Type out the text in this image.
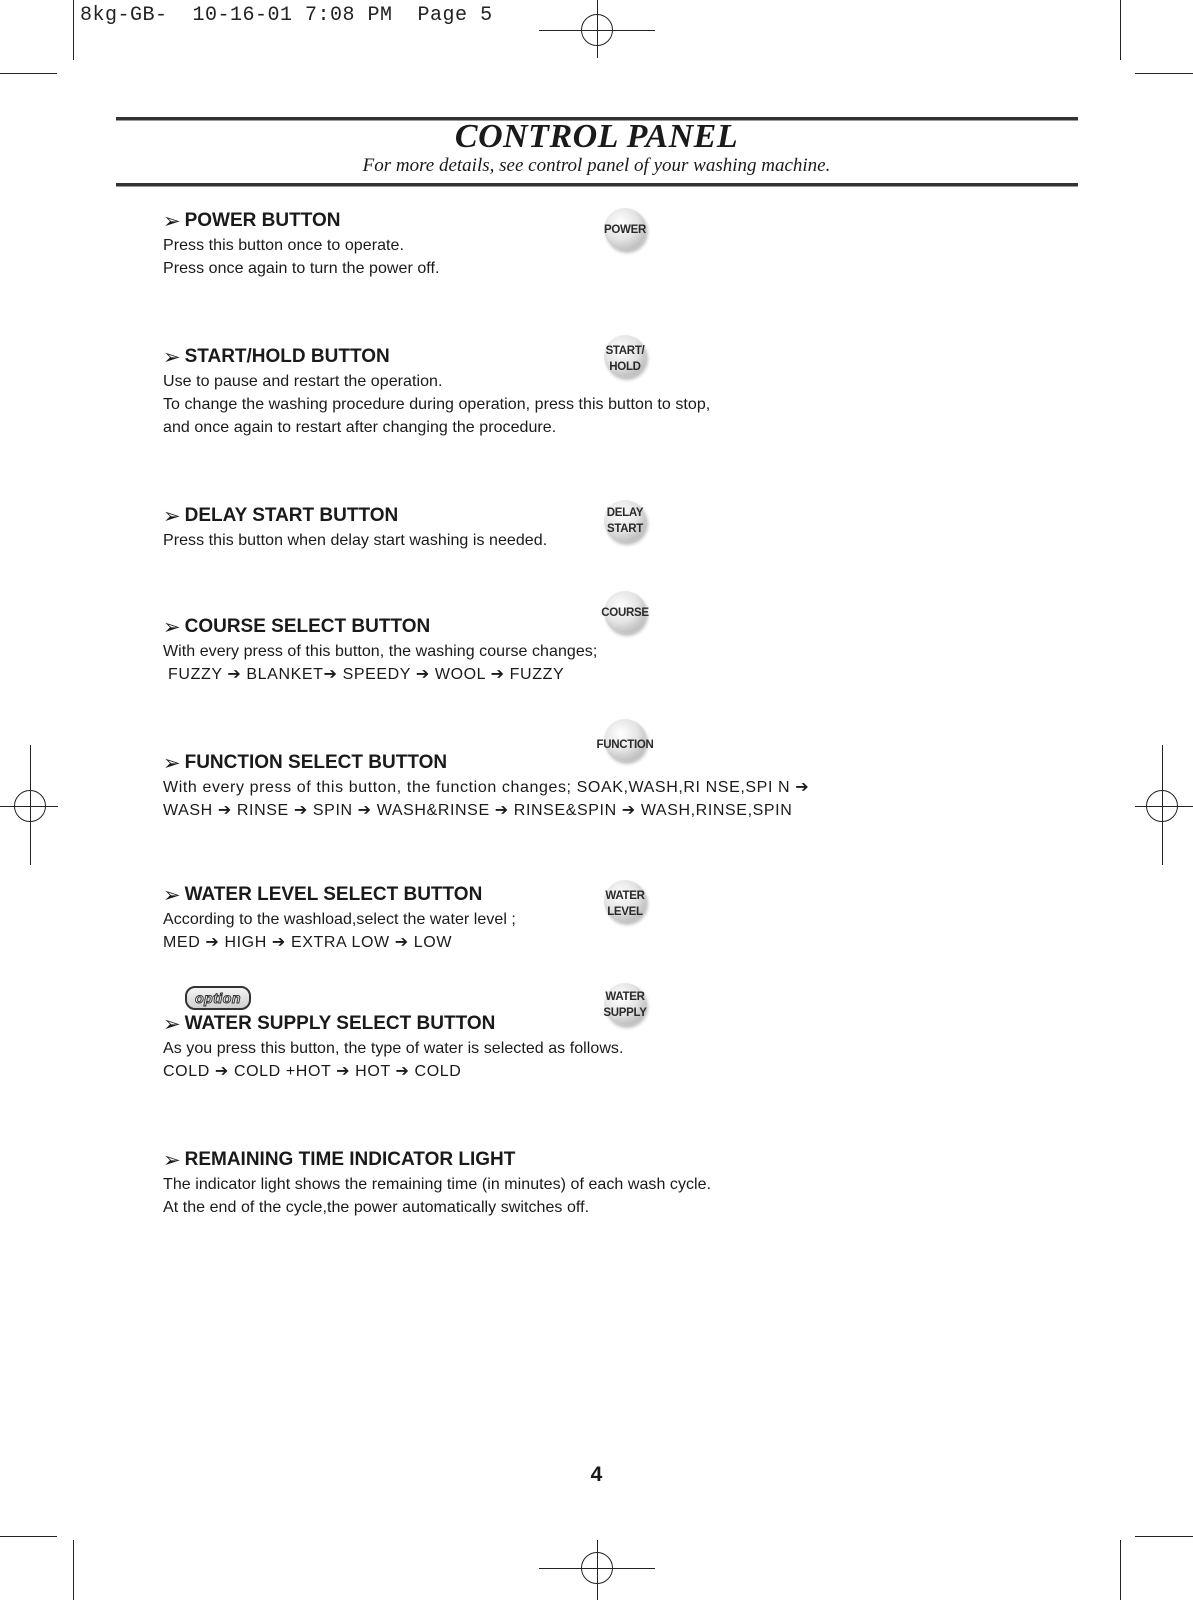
8kg-GB-  10-16-01 7:08 PM  Page 5
CONTROL PANEL
For more details, see control panel of your washing machine.
➢ POWER BUTTON
Press this button once to operate.
Press once again to turn the power off.
➢ START/HOLD BUTTON
Use to pause and restart the operation.
To change the washing procedure during operation, press this button to stop,
and once again to restart after changing the procedure.
➢ DELAY START BUTTON
Press this button when delay start washing is needed.
➢ COURSE SELECT BUTTON
With every press of this button, the washing course changes;
FUZZY ➔ BLANKET➔ SPEEDY ➔ WOOL ➔ FUZZY
➢ FUNCTION SELECT BUTTON
With every press of this button, the function changes; SOAK,WASH,RI NSE,SPI N ➔
WASH ➔ RINSE ➔ SPIN ➔ WASH&RINSE ➔ RINSE&SPIN ➔ WASH,RINSE,SPIN
➢ WATER LEVEL SELECT BUTTON
According to the washload,select the water level ;
MED ➔ HIGH ➔ EXTRA LOW ➔ LOW
option
➢ WATER SUPPLY SELECT BUTTON
As you press this button, the type of water is selected as follows.
COLD ➔ COLD +HOT ➔ HOT ➔ COLD
➢ REMAINING TIME INDICATOR LIGHT
The indicator light shows the remaining time (in minutes) of each wash cycle.
At the end of the cycle,the power automatically switches off.
POWER
START/
HOLD
DELAY
START
COURSE
FUNCTION
WATER
LEVEL
WATER
SUPPLY
4
